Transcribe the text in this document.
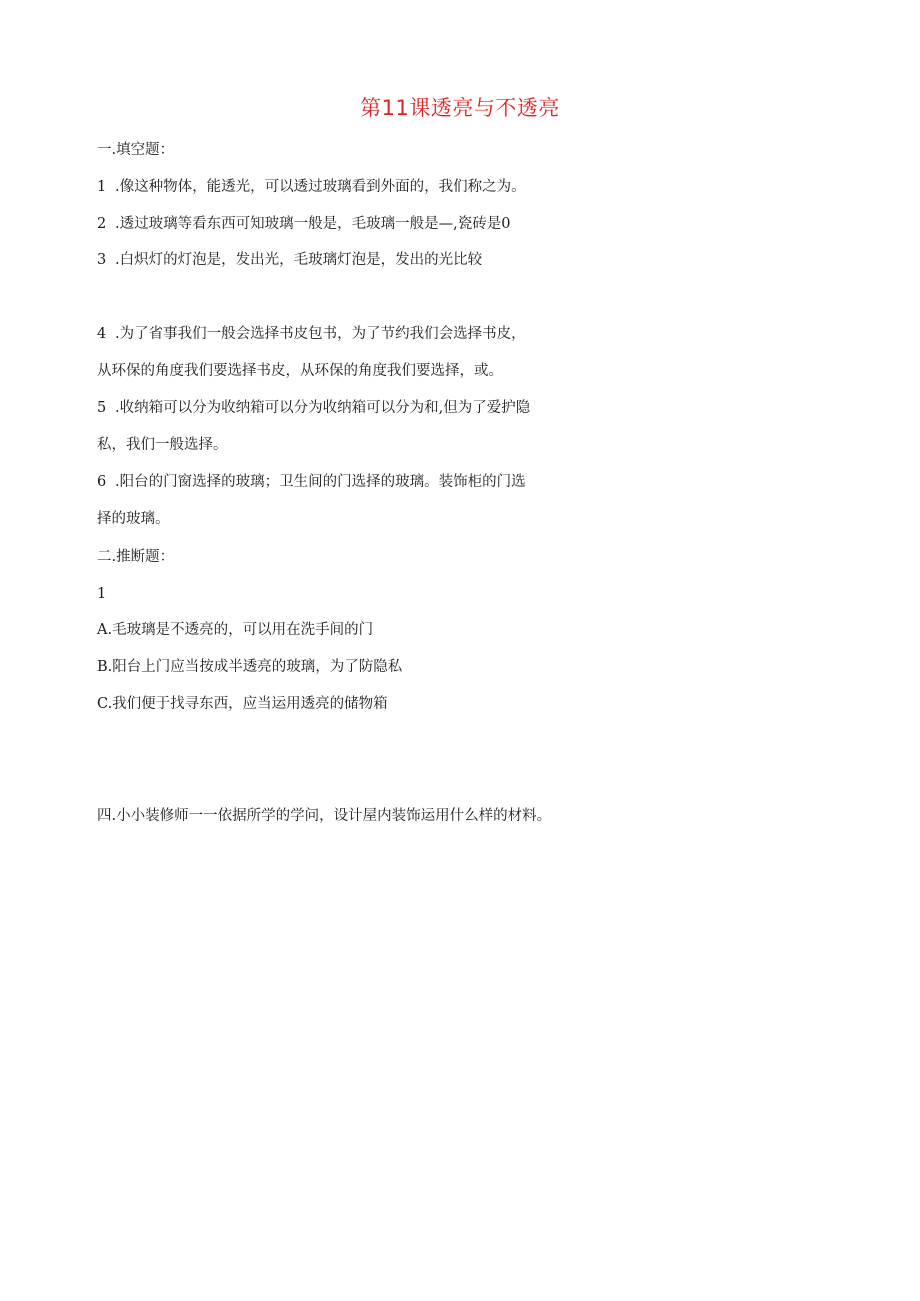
第11课透亮与不透亮
一.填空题：
1 .像这种物体，能透光，可以透过玻璃看到外面的，我们称之为。
2 .透过玻璃等看东西可知玻璃一般是，毛玻璃一般是—,瓷砖是0
3 .白炽灯的灯泡是，发出光，毛玻璃灯泡是，发出的光比较
4 .为了省事我们一般会选择书皮包书，为了节约我们会选择书皮，
从环保的角度我们要选择书皮，从环保的角度我们要选择，或。
5 .收纳箱可以分为收纳箱可以分为收纳箱可以分为和,但为了爱护隐
私，我们一般选择。
6 .阳台的门窗选择的玻璃；卫生间的门选择的玻璃。装饰柜的门选
择的玻璃。
二.推断题：
1
A.毛玻璃是不透亮的，可以用在洗手间的门
B.阳台上门应当按成半透亮的玻璃，为了防隐私
C.我们便于找寻东西，应当运用透亮的储物箱
四.小小装修师一一依据所学的学问，设计屋内装饰运用什么样的材料。
